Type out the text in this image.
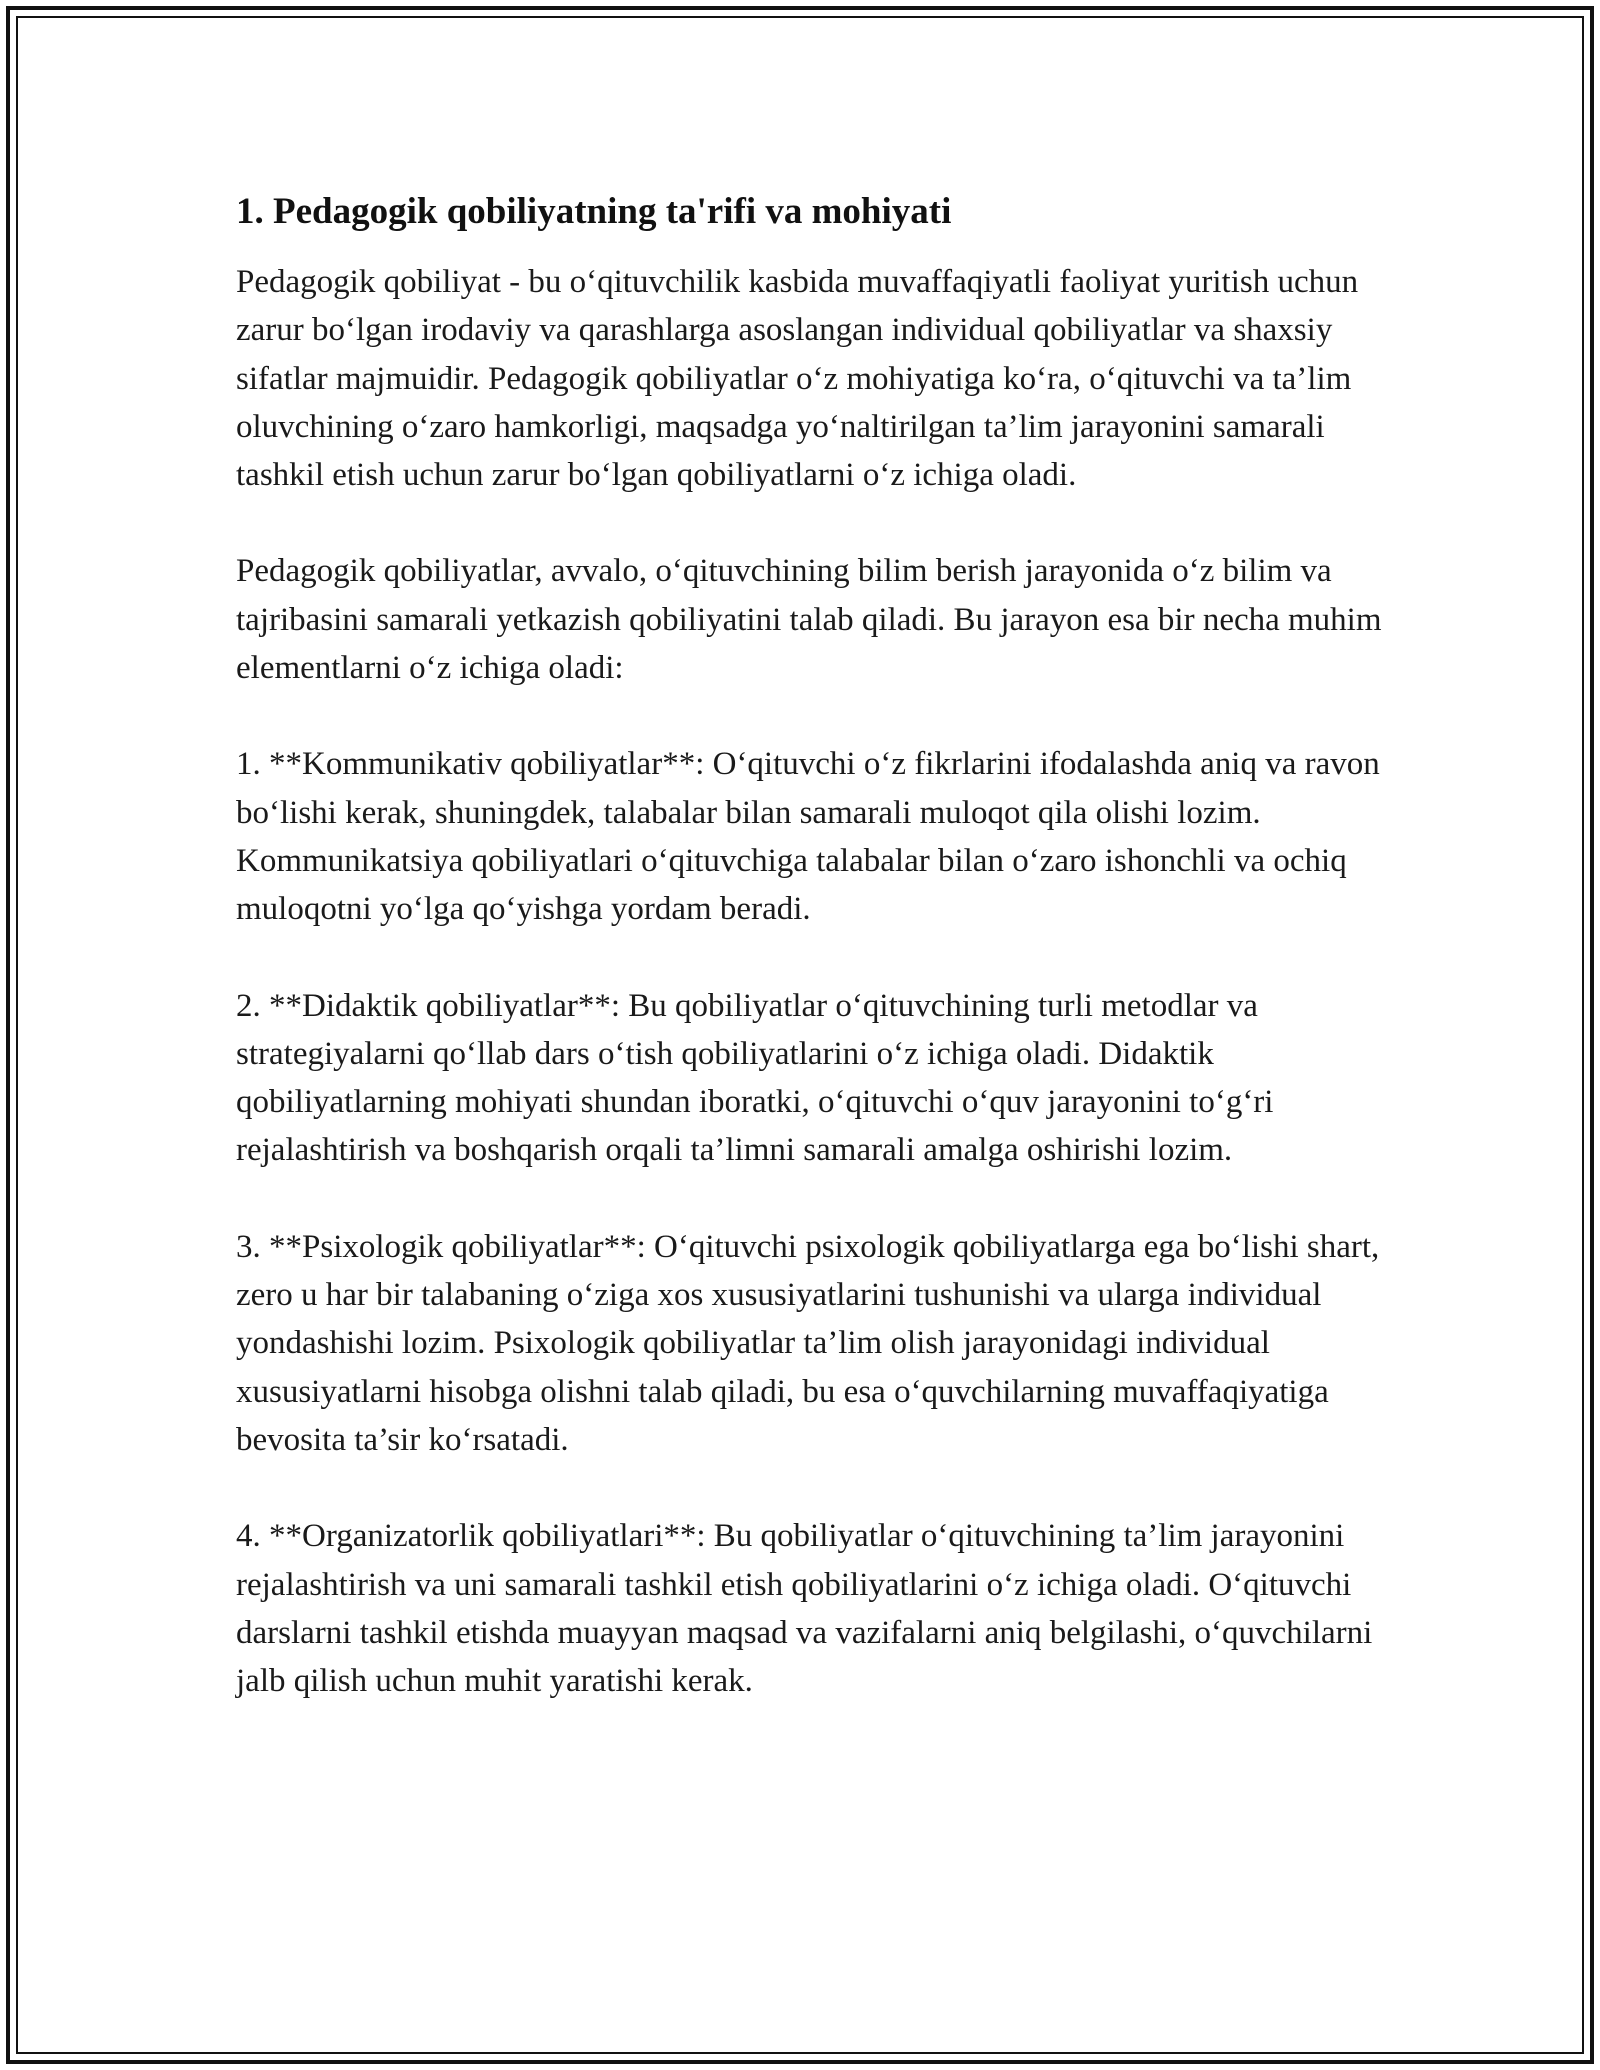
1. Pedagogik qobiliyatning ta'rifi va mohiyati

Pedagogik qobiliyat - bu o‘qituvchilik kasbida muvaffaqiyatli faoliyat yuritish uchun zarur bo‘lgan irodaviy va qarashlarga asoslangan individual qobiliyatlar va shaxsiy sifatlar majmuidir. Pedagogik qobiliyatlar o‘z mohiyatiga ko‘ra, o‘qituvchi va ta’lim oluvchining o‘zaro hamkorligi, maqsadga yo‘naltirilgan ta’lim jarayonini samarali tashkil etish uchun zarur bo‘lgan qobiliyatlarni o‘z ichiga oladi.

Pedagogik qobiliyatlar, avvalo, o‘qituvchining bilim berish jarayonida o‘z bilim va tajribasini samarali yetkazish qobiliyatini talab qiladi. Bu jarayon esa bir necha muhim elementlarni o‘z ichiga oladi:

1. **Kommunikativ qobiliyatlar**: O‘qituvchi o‘z fikrlarini ifodalashda aniq va ravon bo‘lishi kerak, shuningdek, talabalar bilan samarali muloqot qila olishi lozim. Kommunikatsiya qobiliyatlari o‘qituvchiga talabalar bilan o‘zaro ishonchli va ochiq muloqotni yo‘lga qo‘yishga yordam beradi.

2. **Didaktik qobiliyatlar**: Bu qobiliyatlar o‘qituvchining turli metodlar va strategiyalarni qo‘llab dars o‘tish qobiliyatlarini o‘z ichiga oladi. Didaktik qobiliyatlarning mohiyati shundan iboratki, o‘qituvchi o‘quv jarayonini to‘g‘ri rejalashtirish va boshqarish orqali ta’limni samarali amalga oshirishi lozim.

3. **Psixologik qobiliyatlar**: O‘qituvchi psixologik qobiliyatlarga ega bo‘lishi shart, zero u har bir talabaning o‘ziga xos xususiyatlarini tushunishi va ularga individual yondashishi lozim. Psixologik qobiliyatlar ta’lim olish jarayonidagi individual xususiyatlarni hisobga olishni talab qiladi, bu esa o‘quvchilarning muvaffaqiyatiga bevosita ta’sir ko‘rsatadi.

4. **Organizatorlik qobiliyatlari**: Bu qobiliyatlar o‘qituvchining ta’lim jarayonini rejalashtirish va uni samarali tashkil etish qobiliyatlarini o‘z ichiga oladi. O‘qituvchi darslarni tashkil etishda muayyan maqsad va vazifalarni aniq belgilashi, o‘quvchilarni jalb qilish uchun muhit yaratishi kerak.
